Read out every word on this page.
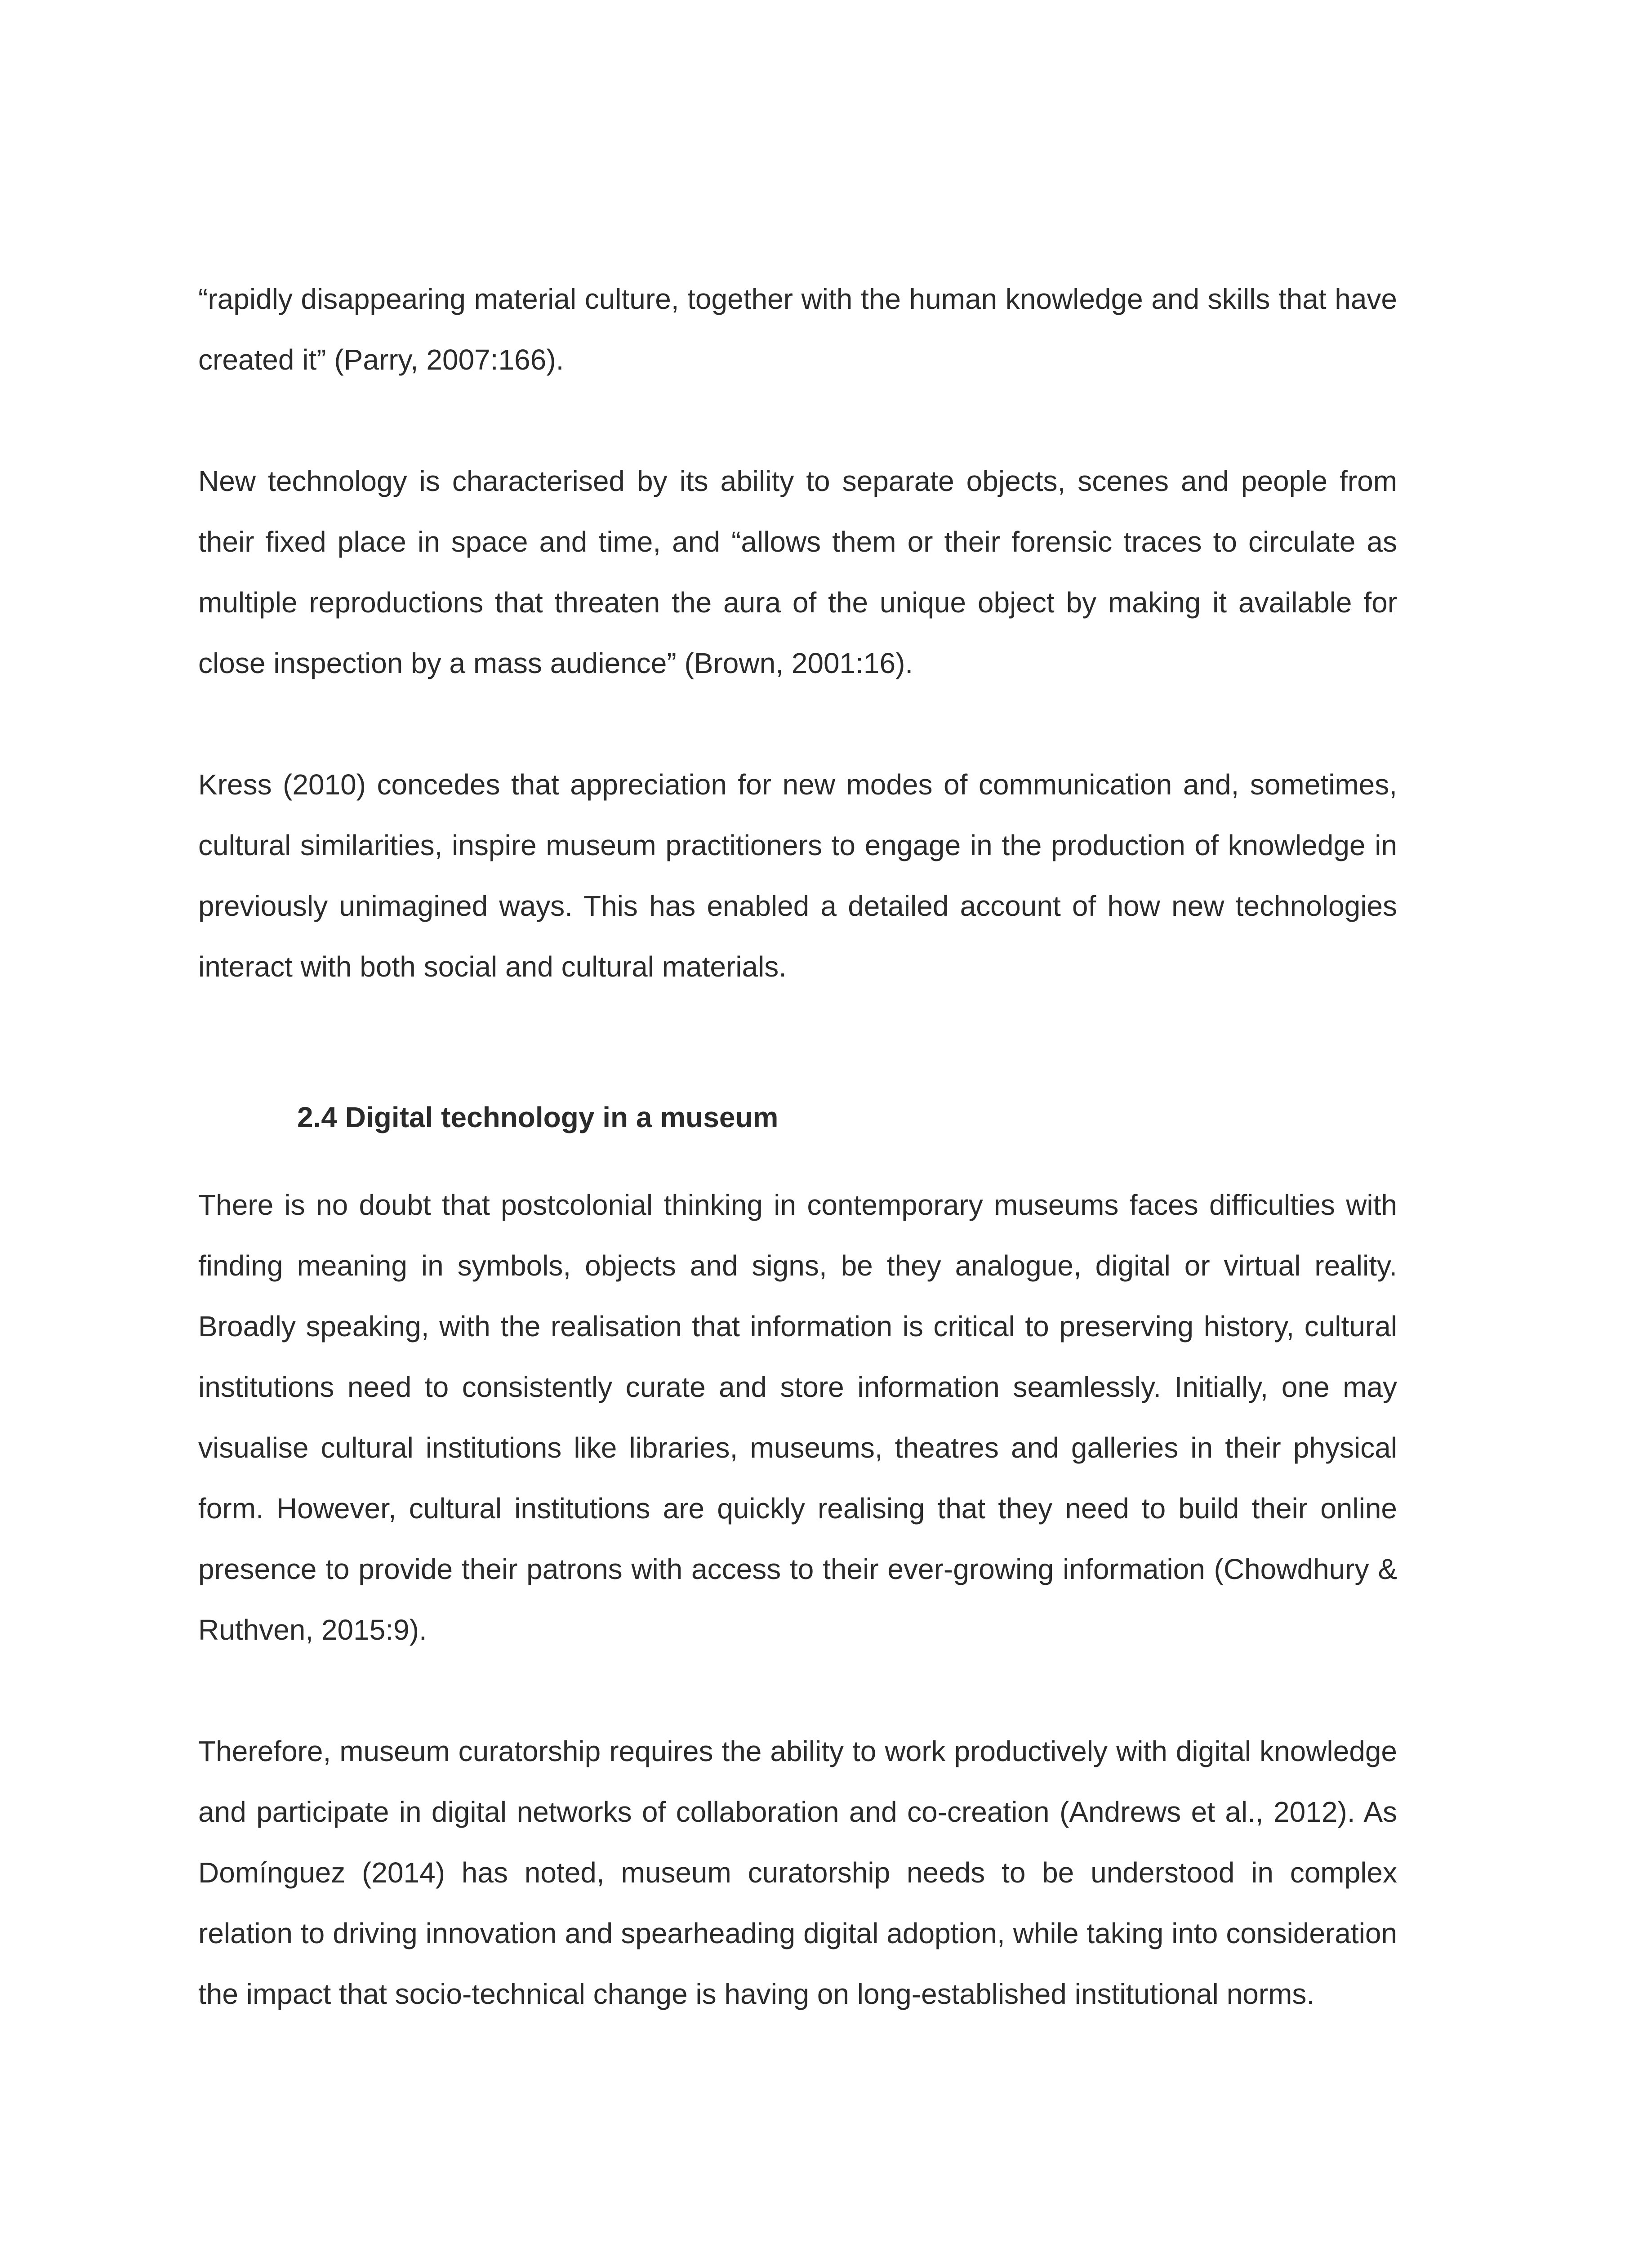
“rapidly disappearing material culture, together with the human knowledge and skills that have created it” (Parry, 2007:166).

New technology is characterised by its ability to separate objects, scenes and people from their fixed place in space and time, and “allows them or their forensic traces to circulate as multiple reproductions that threaten the aura of the unique object by making it available for close inspection by a mass audience” (Brown, 2001:16).

Kress (2010) concedes that appreciation for new modes of communication and, sometimes, cultural similarities, inspire museum practitioners to engage in the production of knowledge in previously unimagined ways. This has enabled a detailed account of how new technologies interact with both social and cultural materials.

2.4 Digital technology in a museum

There is no doubt that postcolonial thinking in contemporary museums faces difficulties with finding meaning in symbols, objects and signs, be they analogue, digital or virtual reality. Broadly speaking, with the realisation that information is critical to preserving history, cultural institutions need to consistently curate and store information seamlessly. Initially, one may visualise cultural institutions like libraries, museums, theatres and galleries in their physical form. However, cultural institutions are quickly realising that they need to build their online presence to provide their patrons with access to their ever-growing information (Chowdhury & Ruthven, 2015:9).

Therefore, museum curatorship requires the ability to work productively with digital knowledge and participate in digital networks of collaboration and co-creation (Andrews et al., 2012). As Domínguez (2014) has noted, museum curatorship needs to be understood in complex relation to driving innovation and spearheading digital adoption, while taking into consideration the impact that socio-technical change is having on long-established institutional norms.
